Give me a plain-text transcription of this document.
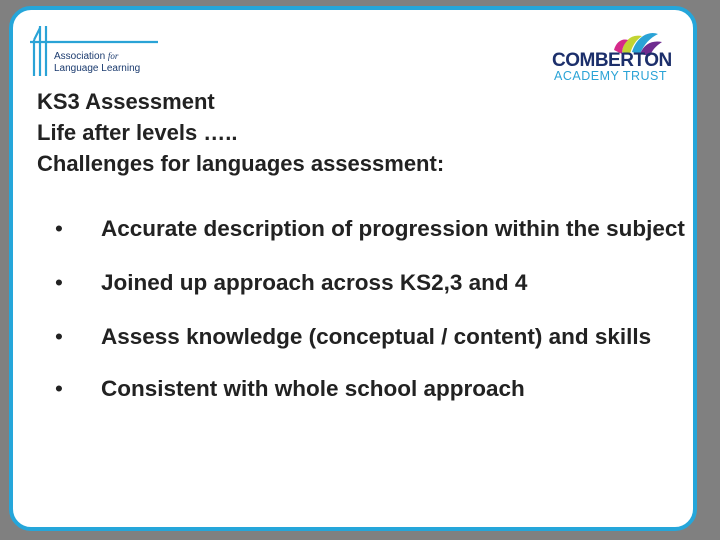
Association for
Language Learning	COMBERTON
ACADEMY TRUST
KS3 Assessment
Life after levels …..
Challenges for languages assessment:
•	Accurate description of progression within the subject
•	Joined up approach across KS2,3 and 4
•	Assess knowledge (conceptual / content) and skills
•	Consistent with whole school approach
